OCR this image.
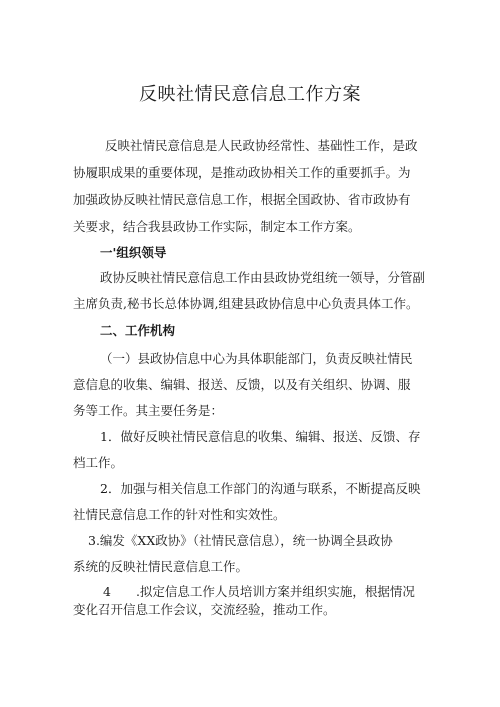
反映社情民意信息工作方案
反映社情民意信息是人民政协经常性、基础性工作，是政
协履职成果的重要体现，是推动政协相关工作的重要抓手。为
加强政协反映社情民意信息工作，根据全国政协、省市政协有
关要求，结合我县政协工作实际，制定本工作方案。
一'组织领导
政协反映社情民意信息工作由县政协党组统一领导，分管副
主席负责,秘书长总体协调,组建县政协信息中心负责具体工作。
二、工作机构
（一）县政协信息中心为具体职能部门，负责反映社情民
意信息的收集、编辑、报送、反馈，以及有关组织、协调、服
务等工作。其主要任务是：
1．做好反映社情民意信息的收集、编辑、报送、反馈、存
档工作。
2．加强与相关信息工作部门的沟通与联系，不断提高反映
社情民意信息工作的针对性和实效性。
3.编发《XX政协》（社情民意信息），统一协调全县政协
系统的反映社情民意信息工作。
4　　.拟定信息工作人员培训方案并组织实施，根据情况
变化召开信息工作会议，交流经验，推动工作。
